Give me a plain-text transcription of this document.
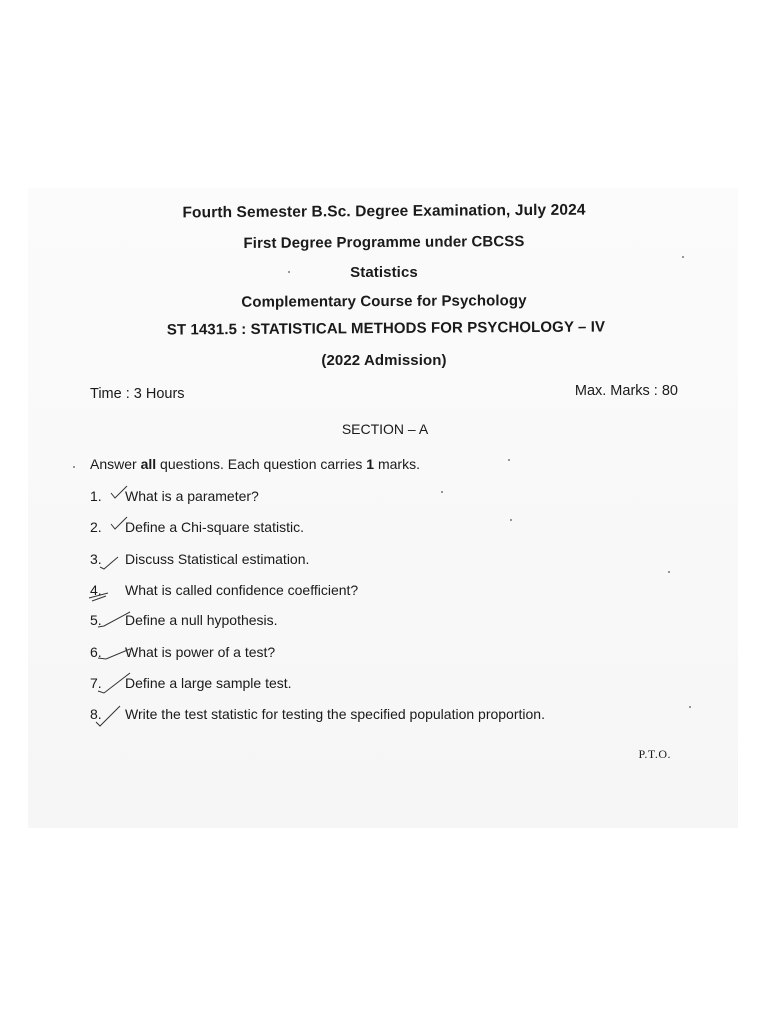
Fourth Semester B.Sc. Degree Examination, July 2024
First Degree Programme under CBCSS
Statistics
Complementary Course for Psychology
ST 1431.5 : STATISTICAL METHODS FOR PSYCHOLOGY – IV
(2022 Admission)
Time : 3 Hours	Max. Marks : 80
SECTION – A
Answer all questions. Each question carries 1 marks.
1. What is a parameter?
2. Define a Chi-square statistic.
3. Discuss Statistical estimation.
4. What is called confidence coefficient?
5. Define a null hypothesis.
6. What is power of a test?
7. Define a large sample test.
8. Write the test statistic for testing the specified population proportion.
P.T.O.
